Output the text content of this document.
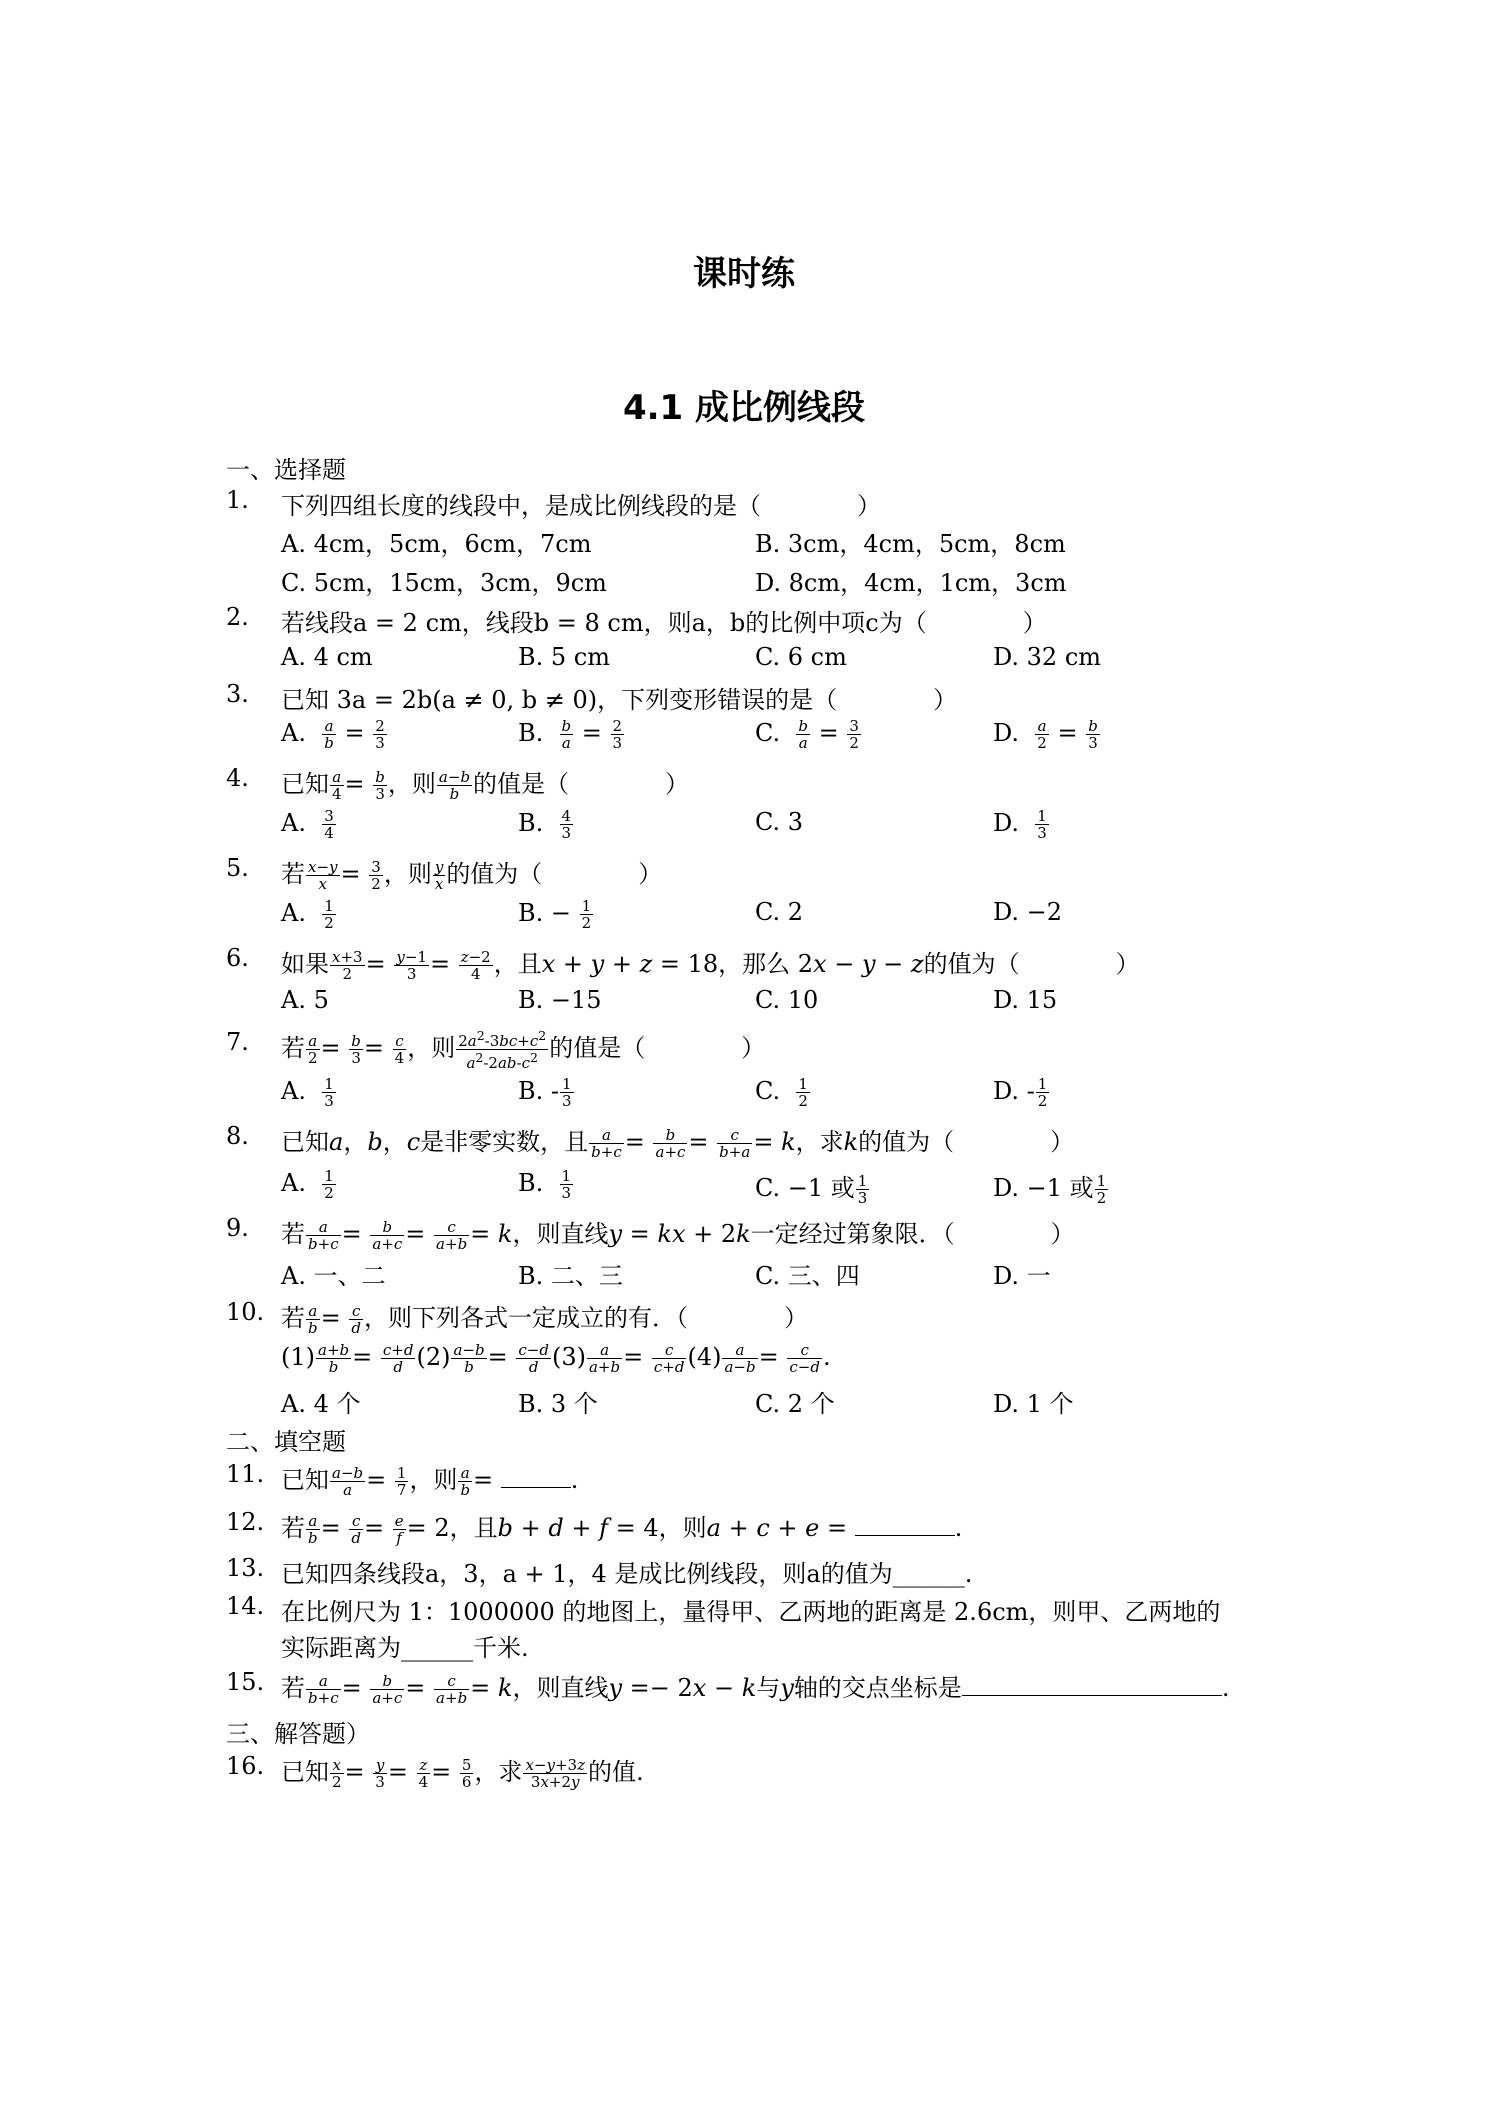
课时练
4.1 成比例线段
一、选择题
1. 下列四组长度的线段中，是成比例线段的是（　　　　）
A. 4cm，5cm，6cm，7cm	B. 3cm，4cm，5cm，8cm
C. 5cm，15cm，3cm，9cm	D. 8cm，4cm，1cm，3cm
2. 若线段a = 2 cm，线段b = 8 cm，则a，b的比例中项c为（　　　　）
A. 4 cm	B. 5 cm	C. 6 cm	D. 32 cm
3. 已知 3a = 2b(a ≠ 0, b ≠ 0)，下列变形错误的是（　　　　）
A. $\frac{a}{b} = \frac{2}{3}$	B. $\frac{b}{a} = \frac{2}{3}$	C. $\frac{b}{a} = \frac{3}{2}$	D. $\frac{a}{2} = \frac{b}{3}$
4. 已知 $\frac{a}{4} = \frac{b}{3}$ ，则 $\frac{a-b}{b}$ 的值是（　　　　）
A. $\frac{3}{4}$	B. $\frac{4}{3}$	C. 3	D. $\frac{1}{3}$
5. 若 $\frac{x-y}{x} = \frac{3}{2}$ ，则 $\frac{y}{x}$ 的值为（　　　　）
A. $\frac{1}{2}$	B. − $\frac{1}{2}$	C. 2	D. −2
6. 如果 $\frac{x+3}{2} = \frac{y-1}{3} = \frac{z-2}{4}$ ，且x + y + z = 18，那么 2x − y − z的值为（　　　　）
A. 5	B. −15	C. 10	D. 15
7. 若 $\frac{a}{2} = \frac{b}{3} = \frac{c}{4}$ ，则 $\frac{2a^2-3bc+c^2}{a^2-2ab-c^2}$ 的值是（　　　　）
A. $\frac{1}{3}$	B. - $\frac{1}{3}$	C. $\frac{1}{2}$	D. - $\frac{1}{2}$
8. 已知a，b，c是非零实数，且 $\frac{a}{b+c} = \frac{b}{a+c} = \frac{c}{b+a} = k$，求k的值为（　　　　）
A. $\frac{1}{2}$	B. $\frac{1}{3}$	C. −1 或 $\frac{1}{3}$	D. −1 或 $\frac{1}{2}$
9. 若 $\frac{a}{b+c} = \frac{b}{a+c} = \frac{c}{a+b} = k$，则直线y = kx + 2k一定经过第象限．（　　　　）
A. 一、二	B. 二、三	C. 三、四	D. 一
10. 若 $\frac{a}{b} = \frac{c}{d}$ ，则下列各式一定成立的有．（　　　　）
$(1) \frac{a+b}{b} = \frac{c+d}{d} (2) \frac{a-b}{b} = \frac{c-d}{d} (3) \frac{a}{a+b} = \frac{c}{c+d} (4) \frac{a}{a-b} = \frac{c}{c-d}$ .
A. 4 个	B. 3 个	C. 2 个	D. 1 个
二、填空题
11. 已知 $\frac{a-b}{a} = \frac{1}{7}$ ，则 $\frac{a}{b}$ =	.
12. 若 $\frac{a}{b} = \frac{c}{d} = \frac{e}{f} = 2$，且b + d + f = 4，则a + c + e =	.
13. 已知四条线段a，3，a + 1，4 是成比例线段，则a的值为______.
14. 在比例尺为 1：1000000 的地图上，量得甲、乙两地的距离是 2.6cm，则甲、乙两地的
实际距离为______千米.
15. 若 $\frac{a}{b+c} = \frac{b}{a+c} = \frac{c}{a+b} = k$，则直线y =− 2x − k与y轴的交点坐标是	.
三、解答题）
16. 已知 $\frac{x}{2} = \frac{y}{3} = \frac{z}{4} = \frac{5}{6}$ ，求 $\frac{x-y+3z}{3x+2y}$ 的值.
